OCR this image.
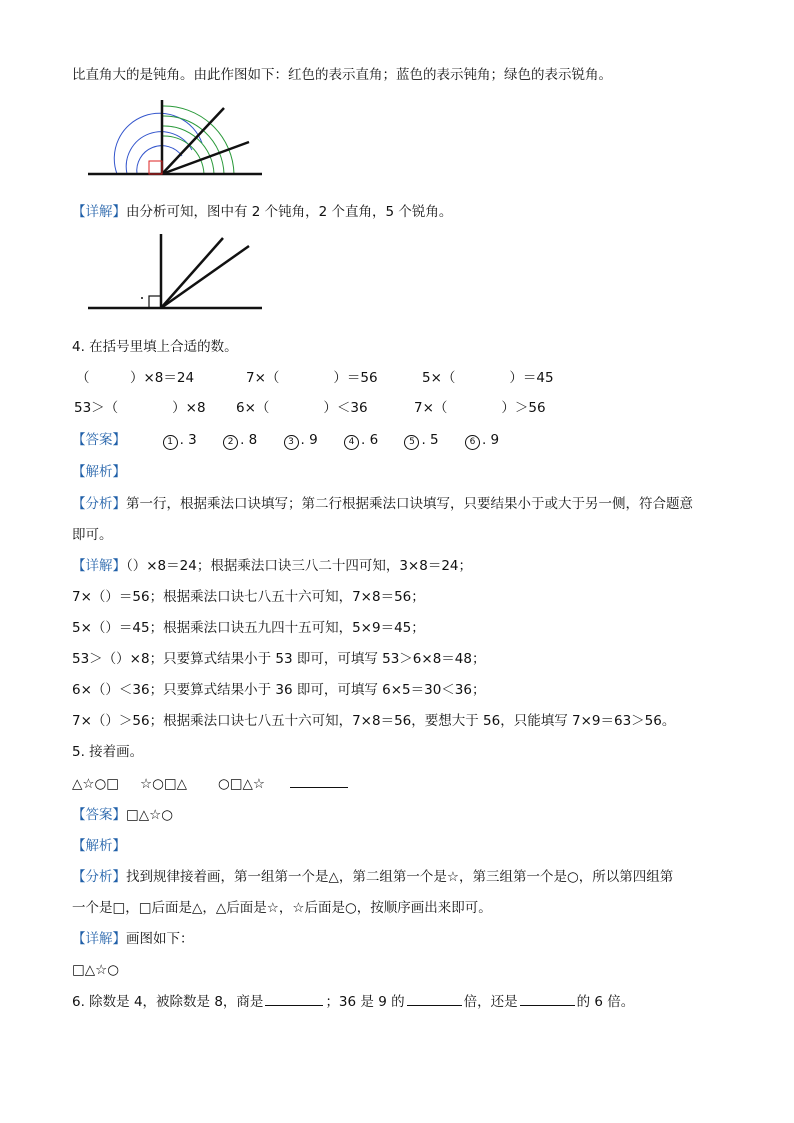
比直角大的是钝角。由此作图如下：红色的表示直角；蓝色的表示钝角；绿色的表示锐角。
【详解】由分析可知，图中有 2 个钝角，2 个直角，5 个锐角。
4. 在括号里填上合适的数。
（　　　）×8＝24	7×（　　　　）＝56	5×（　　　　）＝45
53＞（　　　　）×8 6×（　　　　）＜36	7×（　　　　）＞56
【答案】	1 . 3	2 . 8	3 . 9	4 . 6	5 . 5	6 . 9
【解析】
【分析】第一行，根据乘法口诀填写；第二行根据乘法口诀填写，只要结果小于或大于另一侧，符合题意
即可。
【详解】（）×8＝24；根据乘法口诀三八二十四可知，3×8＝24；
7×（）＝56；根据乘法口诀七八五十六可知，7×8＝56；
5×（）＝45；根据乘法口诀五九四十五可知，5×9＝45；
53＞（）×8；只要算式结果小于 53 即可，可填写 53＞6×8＝48；
6×（）＜36；只要算式结果小于 36 即可，可填写 6×5＝30＜36；
7×（）＞56；根据乘法口诀七八五十六可知，7×8＝56，要想大于 56，只能填写 7×9＝63＞56。
5. 接着画。
△☆○□ ☆○□△ ○□△☆
【答案】□△☆○
【解析】
【分析】找到规律接着画，第一组第一个是△，第二组第一个是☆，第三组第一个是○，所以第四组第
一个是□，□后面是△，△后面是☆，☆后面是○，按顺序画出来即可。
【详解】画图如下：
□△☆○
6. 除数是 4，被除数是 8，商是	；36 是 9 的	倍，还是	的 6 倍。
